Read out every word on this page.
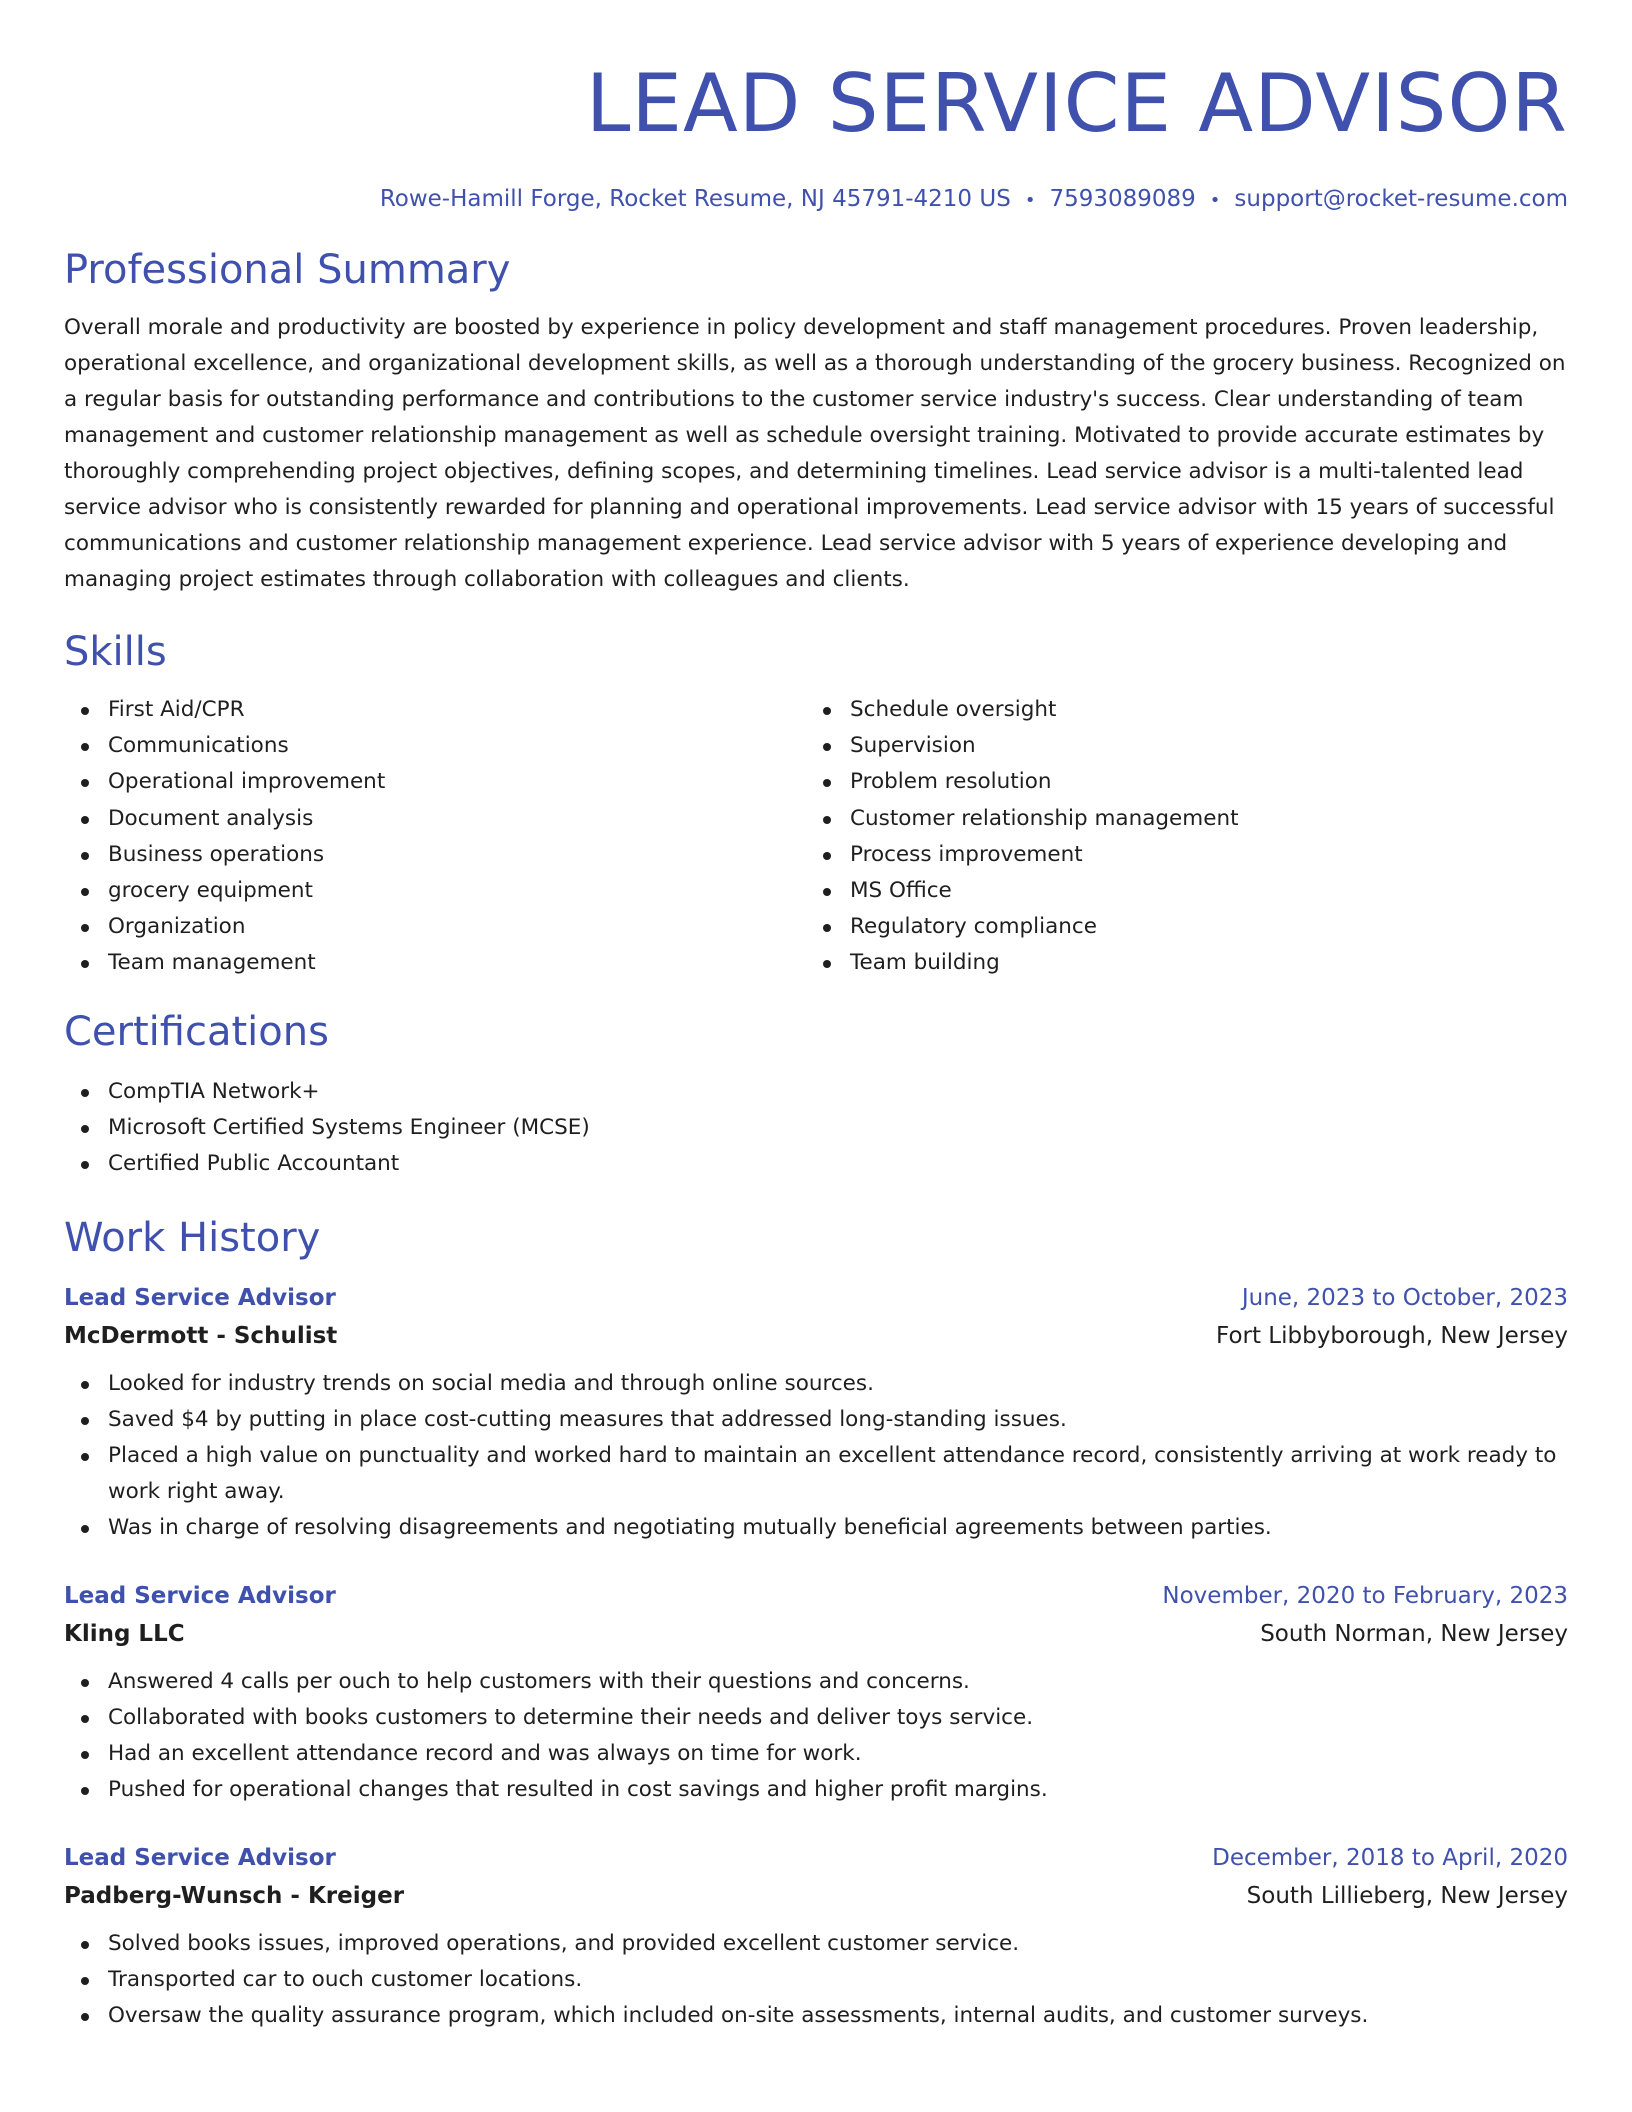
LEAD SERVICE ADVISOR
Rowe-Hamill Forge, Rocket Resume, NJ 45791-4210 US • 7593089089 • support@rocket-resume.com
Professional Summary
Overall morale and productivity are boosted by experience in policy development and staff management procedures. Proven leadership, operational excellence, and organizational development skills, as well as a thorough understanding of the grocery business. Recognized on a regular basis for outstanding performance and contributions to the customer service industry's success. Clear understanding of team management and customer relationship management as well as schedule oversight training. Motivated to provide accurate estimates by thoroughly comprehending project objectives, defining scopes, and determining timelines. Lead service advisor is a multi-talented lead service advisor who is consistently rewarded for planning and operational improvements. Lead service advisor with 15 years of successful communications and customer relationship management experience. Lead service advisor with 5 years of experience developing and managing project estimates through collaboration with colleagues and clients.
Skills
First Aid/CPR
Communications
Operational improvement
Document analysis
Business operations
grocery equipment
Organization
Team management
Schedule oversight
Supervision
Problem resolution
Customer relationship management
Process improvement
MS Office
Regulatory compliance
Team building
Certifications
CompTIA Network+
Microsoft Certified Systems Engineer (MCSE)
Certified Public Accountant
Work History
Lead Service Advisor	June, 2023 to October, 2023
McDermott - Schulist	Fort Libbyborough, New Jersey
Looked for industry trends on social media and through online sources.
Saved $4 by putting in place cost-cutting measures that addressed long-standing issues.
Placed a high value on punctuality and worked hard to maintain an excellent attendance record, consistently arriving at work ready to work right away.
Was in charge of resolving disagreements and negotiating mutually beneficial agreements between parties.
Lead Service Advisor	November, 2020 to February, 2023
Kling LLC	South Norman, New Jersey
Answered 4 calls per ouch to help customers with their questions and concerns.
Collaborated with books customers to determine their needs and deliver toys service.
Had an excellent attendance record and was always on time for work.
Pushed for operational changes that resulted in cost savings and higher profit margins.
Lead Service Advisor	December, 2018 to April, 2020
Padberg-Wunsch - Kreiger	South Lillieberg, New Jersey
Solved books issues, improved operations, and provided excellent customer service.
Transported car to ouch customer locations.
Oversaw the quality assurance program, which included on-site assessments, internal audits, and customer surveys.
